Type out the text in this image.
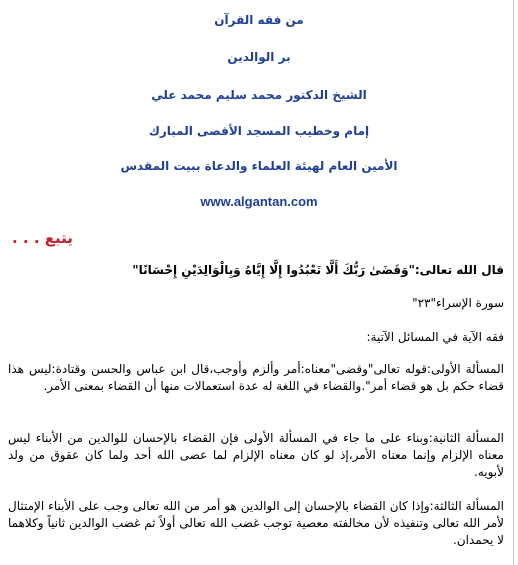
من فقه القرآن
بر الوالدين
الشيخ الدكتور محمد سليم محمد علي
إمام وخطيب المسجد الأقصى المبارك
الأمين العام لهيئة العلماء والدعاة ببيت المقدس
www.algantan.com
يتبع . . .
قال الله تعالى:"وَقَضَىٰ رَبُّكَ أَلَّا تَعْبُدُوا إِلَّا إِيَّاهُ وَبِالْوَالِدَيْنِ إِحْسَانًا"
سورة الإسراء"٢٣"
فقه الآية في المسائل الآتية:
المسألة الأولى:قوله تعالى"وقضى"معناه:أمر وألزم وأوجب،قال ابن عباس والحسن وقتادة:ليس هذا قضاء حكم بل هو قضاء أمر".والقضاء في اللغة له عدة استعمالات منها أن القضاء بمعنى الأمر.
المسألة الثانية:وبناء على ما جاء في المسألة الأولى فإن القضاء بالإحسان للوالدين من الأبناء ليس معناه الإلزام وإنما معناه الأمر،إذ لو كان معناه الإلزام لما عصى الله أحد ولما كان عقوق من ولد لأبويه.
المسألة الثالثة:وإذا كان القضاء بالإحسان إلى الوالدين هو أمر من الله تعالى وجب على الأبناء الإمتثال لأمر الله تعالى وتنفيذه لأن مخالفته معصية توجب غضب الله تعالى أولاً ثم غضب الوالدين ثانياً وكلاهما لا يحمدان.
